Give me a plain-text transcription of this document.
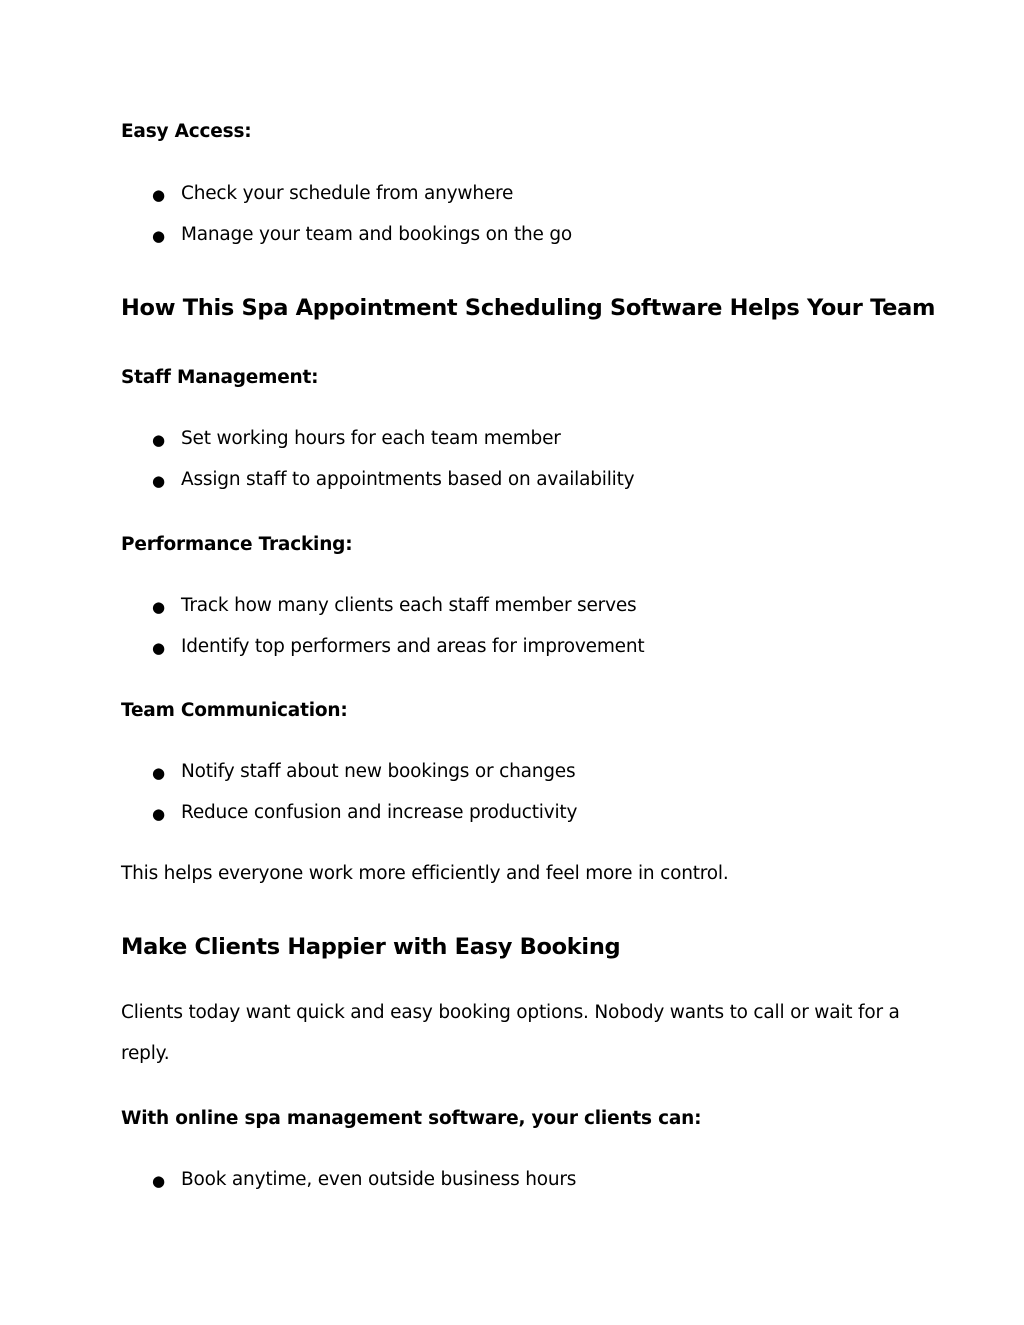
Easy Access:
● Check your schedule from anywhere
● Manage your team and bookings on the go
How This Spa Appointment Scheduling Software Helps Your Team
Staff Management:
● Set working hours for each team member
● Assign staff to appointments based on availability
Performance Tracking:
● Track how many clients each staff member serves
● Identify top performers and areas for improvement
Team Communication:
● Notify staff about new bookings or changes
● Reduce confusion and increase productivity
This helps everyone work more efficiently and feel more in control.
Make Clients Happier with Easy Booking
Clients today want quick and easy booking options. Nobody wants to call or wait for a
reply.
With online spa management software, your clients can:
● Book anytime, even outside business hours
